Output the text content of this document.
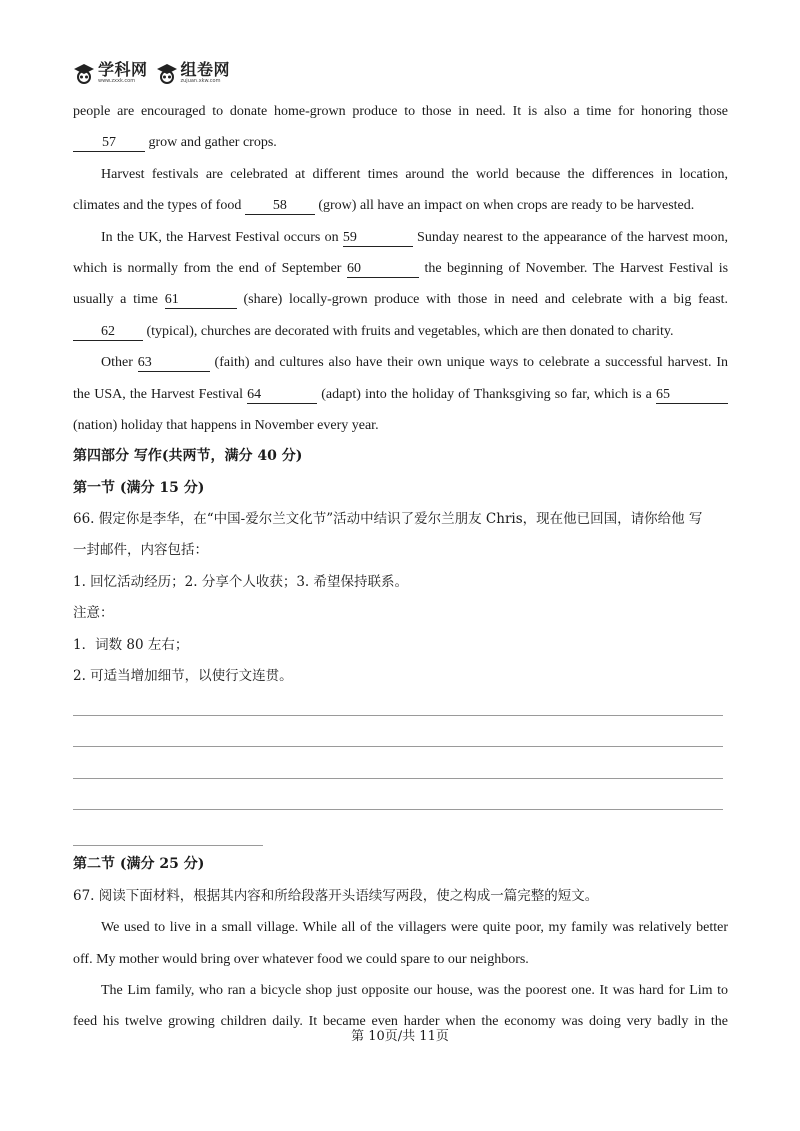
学科网
www.zxxk.com
组卷网
zujuan.xkw.com
people are encouraged to donate home-grown produce to those in need. It is also a time for honoring those
57 grow and gather crops.
Harvest festivals are celebrated at different times around the world because the differences in location,
climates and the types of food 58 (grow) all have an impact on when crops are ready to be harvested.
In the UK, the Harvest Festival occurs on 59	Sunday nearest to the appearance of the harvest moon,
which is normally from the end of September 60	the beginning of November. The Harvest Festival is
usually a time 61	(share) locally-grown produce with those in need and celebrate with a big feast.
62 (typical), churches are decorated with fruits and vegetables, which are then donated to charity.
Other 63	(faith) and cultures also have their own unique ways to celebrate a successful harvest. In
the USA, the Harvest Festival 64	(adapt) into the holiday of Thanksgiving so far, which is a 65
(nation) holiday that happens in November every year.
第四部分 写作(共两节，满分 40 分)
第一节 (满分 15 分)
66. 假定你是李华，在“中国-爱尔兰文化节”活动中结识了爱尔兰朋友 Chris，现在他已回国，请你给他 写
一封邮件，内容包括：
1. 回忆活动经历；2. 分享个人收获；3. 希望保持联系。
注意：
1．词数 80 左右；
2. 可适当增加细节，以使行文连贯。
第二节 (满分 25 分)
67. 阅读下面材料，根据其内容和所给段落开头语续写两段，使之构成一篇完整的短文。
We used to live in a small village. While all of the villagers were quite poor, my family was relatively better
off. My mother would bring over whatever food we could spare to our neighbors.
The Lim family, who ran a bicycle shop just opposite our house, was the poorest one. It was hard for Lim to
feed his twelve growing children daily. It became even harder when the economy was doing very badly in the
第 10页/共 11页
